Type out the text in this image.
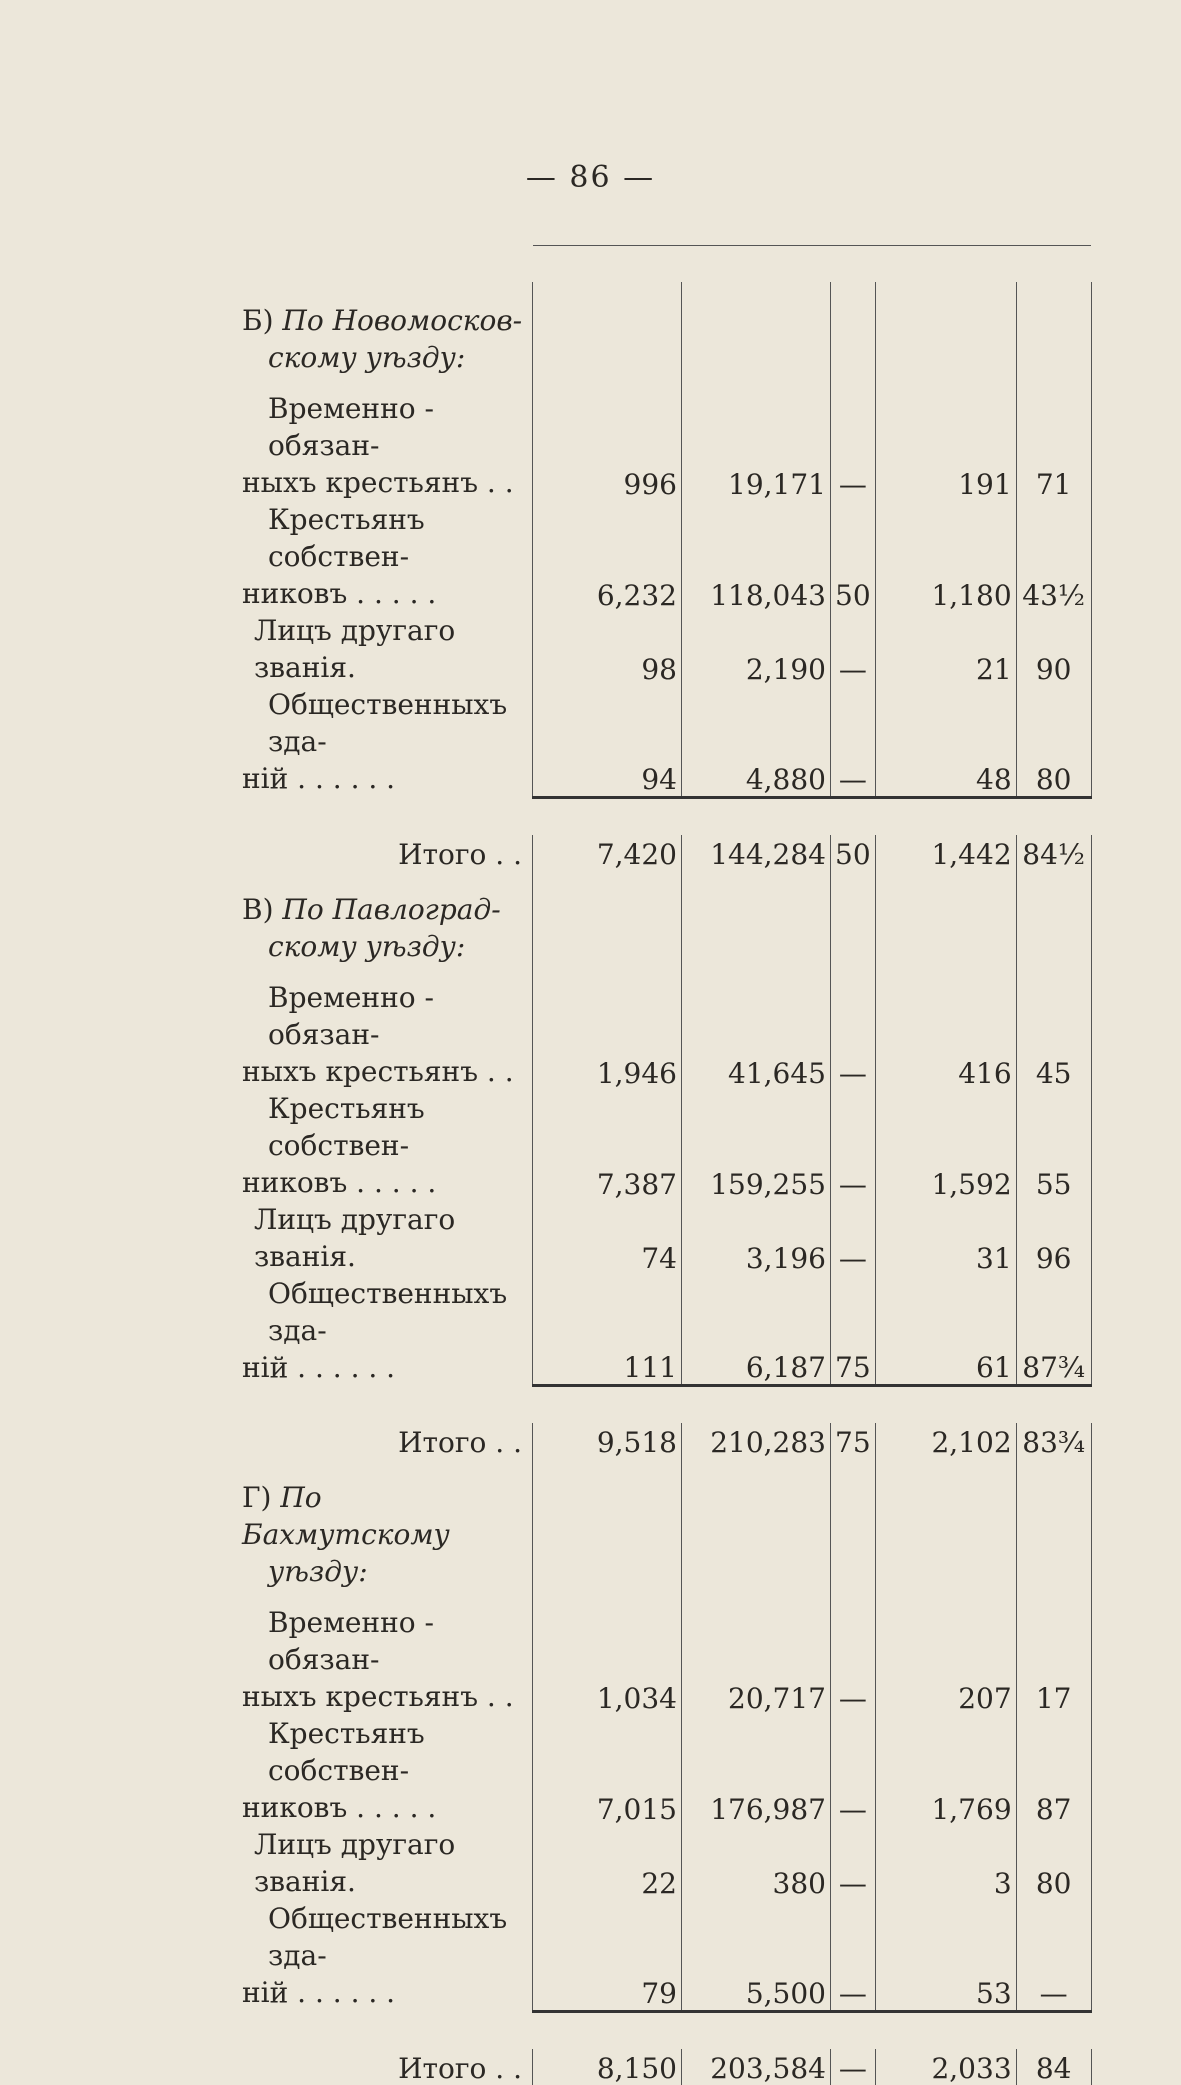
— 86 —

Б) По Новомосков-
скому уѣзду:					

Временно - обязан-
ныхъ крестьянъ . .	996	19,171	—	191	71

Крестьянъ собствен-
никовъ . . . . .	6,232	118,043	50	1,180	43½

Лицъ другаго званія.	98	2,190	—	21	90

Общественныхъ зда-
ній . . . . . .	94	4,880	—	48	80

Итого . .	7,420	144,284	50	1,442	84½

В) По Павлоград-
скому уѣзду:					

Временно - обязан-
ныхъ крестьянъ . .	1,946	41,645	—	416	45

Крестьянъ собствен-
никовъ . . . . .	7,387	159,255	—	1,592	55

Лицъ другаго званія.	74	3,196	—	31	96

Общественныхъ зда-
ній . . . . . .	111	6,187	75	61	87¾

Итого . .	9,518	210,283	75	2,102	83¾

Г) По Бахмутскому
уѣзду:					

Временно - обязан-
ныхъ крестьянъ . .	1,034	20,717	—	207	17

Крестьянъ собствен-
никовъ . . . . .	7,015	176,987	—	1,769	87

Лицъ другаго званія.	22	380	—	3	80

Общественныхъ зда-
ній . . . . . .	79	5,500	—	53	—

Итого . .	8,150	203,584	—	2,033	84
